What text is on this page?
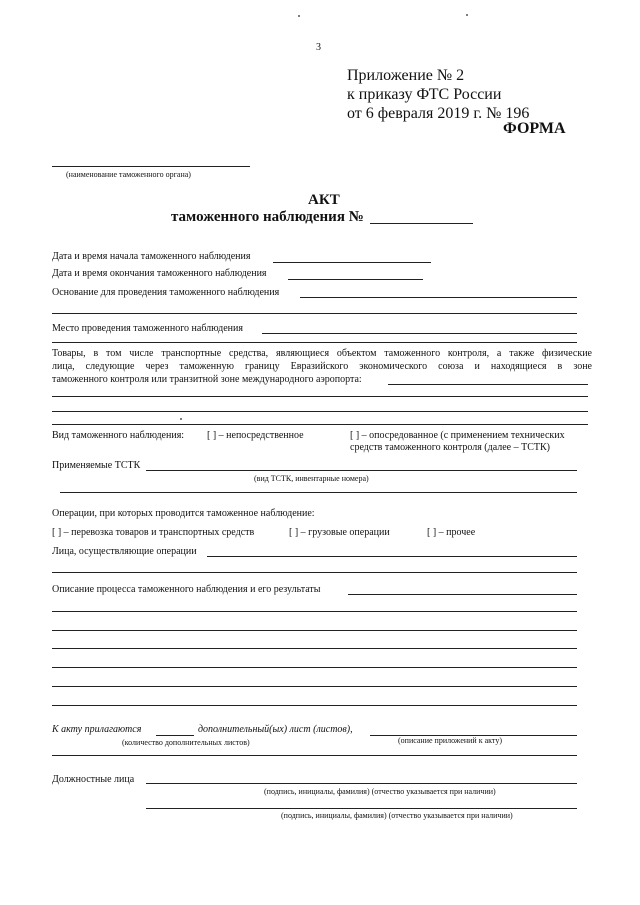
3
Приложение № 2
к приказу ФТС России
от 6 февраля 2019 г. № 196
ФОРМА
(наименование таможенного органа)
АКТ
таможенного наблюдения №
Дата и время начала таможенного наблюдения
Дата и время окончания таможенного наблюдения
Основание для проведения таможенного наблюдения
Место проведения таможенного наблюдения
Товары, в том числе транспортные средства, являющиеся объектом таможенного контроля, а также физические
лица, следующие через таможенную границу Евразийского экономического союза и находящиеся в зоне
таможенного контроля или транзитной зоне международного аэропорта:
Вид таможенного наблюдения: [ ] – непосредственное	[ ] – опосредованное (с применением технических
средств таможенного контроля (далее – ТСТК)
Применяемые ТСТК
(вид ТСТК, инвентарные номера)
Операции, при которых проводится таможенное наблюдение:
[ ] – перевозка товаров и транспортных средств	[ ] – грузовые операции	[ ] – прочее
Лица, осуществляющие операции
Описание процесса таможенного наблюдения и его результаты
К акту прилагаются	дополнительный(ых) лист (листов),
(количество дополнительных листов)	(описание приложений к акту)
Должностные лица
(подпись, инициалы, фамилия) (отчество указывается при наличии)
(подпись, инициалы, фамилия) (отчество указывается при наличии)
